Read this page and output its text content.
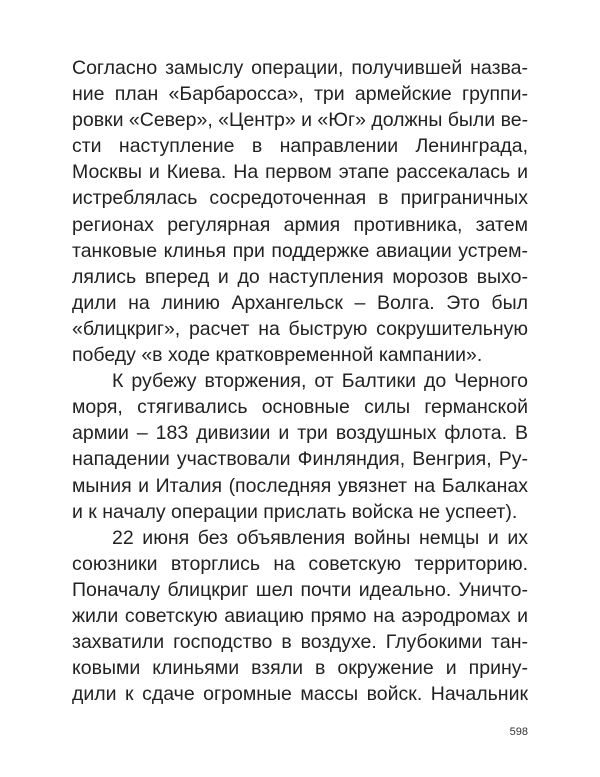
Согласно замыслу операции, получившей назва-
ние план «Барбаросса», три армейские группи-
ровки «Север», «Центр» и «Юг» должны были ве-
сти наступление в направлении Ленинграда,
Москвы и Киева. На первом этапе рассекалась и
истреблялась сосредоточенная в приграничных
регионах регулярная армия противника, затем
танковые клинья при поддержке авиации устрем-
лялись вперед и до наступления морозов выхо-
дили на линию Архангельск – Волга. Это был
«блицкриг», расчет на быструю сокрушительную
победу «в ходе кратковременной кампании».
К рубежу вторжения, от Балтики до Черного
моря, стягивались основные силы германской
армии – 183 дивизии и три воздушных флота. В
нападении участвовали Финляндия, Венгрия, Ру-
мыния и Италия (последняя увязнет на Балканах
и к началу операции прислать войска не успеет).
22 июня без объявления войны немцы и их
союзники вторглись на советскую территорию.
Поначалу блицкриг шел почти идеально. Уничто-
жили советскую авиацию прямо на аэродромах и
захватили господство в воздухе. Глубокими тан-
ковыми клиньями взяли в окружение и прину-
дили к сдаче огромные массы войск. Начальник
598
